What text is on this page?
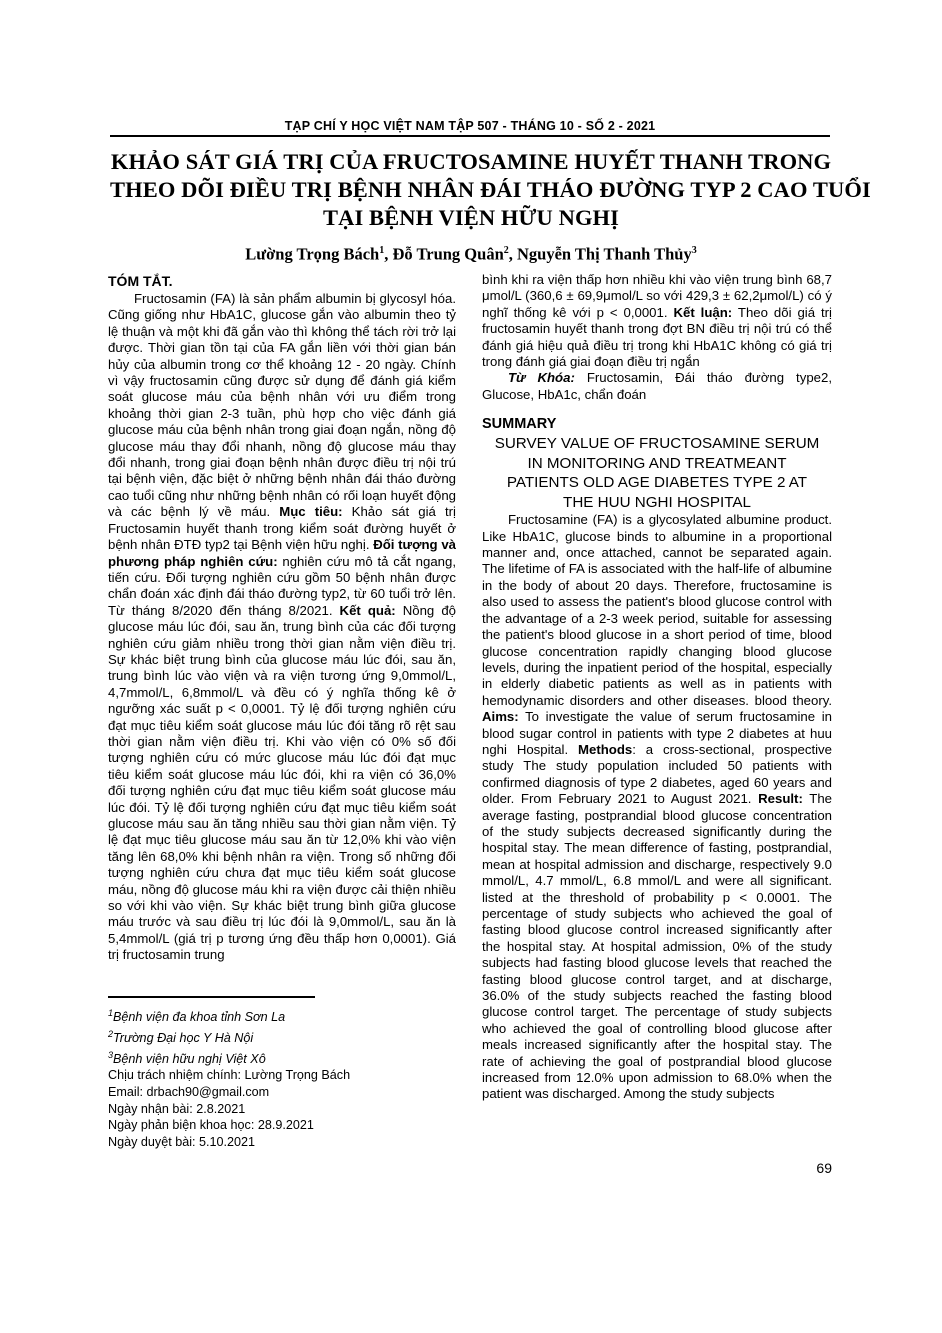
TẠP CHÍ Y HỌC VIỆT NAM TẬP 507 - THÁNG 10 - SỐ 2 - 2021
KHẢO SÁT GIÁ TRỊ CỦA FRUCTOSAMINE HUYẾT THANH TRONG
THEO DÕI ĐIỀU TRỊ BỆNH NHÂN ĐÁI THÁO ĐƯỜNG TYP 2 CAO TUỔI
TẠI BỆNH VIỆN HỮU NGHỊ
Lường Trọng Bách$^1$, Đỗ Trung Quân$^2$, Nguyễn Thị Thanh Thủy$^3$
TÓM TẮT.

Fructosamin (FA) là sản phẩm albumin bị glycosyl hóa. Cũng giống như HbA1C, glucose gắn vào albumin theo tỷ lệ thuận và một khi đã gắn vào thì không thể tách rời trở lại được. Thời gian tồn tại của FA gắn liền với thời gian bán hủy của albumin trong cơ thể khoảng 12 - 20 ngày. Chính vì vậy fructosamin cũng được sử dụng để đánh giá kiểm soát glucose máu của bệnh nhân với ưu điểm trong khoảng thời gian 2-3 tuần, phù hợp cho việc đánh giá glucose máu của bệnh nhân trong giai đoạn ngắn, nồng độ glucose máu thay đổi nhanh, nồng độ glucose máu thay đổi nhanh, trong giai đoạn bệnh nhân được điều trị nội trú tại bệnh viện, đặc biệt ở những bệnh nhân đái tháo đường cao tuổi cũng như những bệnh nhân có rối loạn huyết động và các bệnh lý về máu. Mục tiêu: Khảo sát giá trị Fructosamin huyết thanh trong kiểm soát đường huyết ở bệnh nhân ĐTĐ typ2 tại Bệnh viện hữu nghị. Đối tượng và phương pháp nghiên cứu: nghiên cứu mô tả cắt ngang, tiến cứu. Đối tượng nghiên cứu gồm 50 bệnh nhân được chẩn đoán xác định đái tháo đường typ2, từ 60 tuổi trở lên. Từ tháng 8/2020 đến tháng 8/2021. Kết quả: Nồng độ glucose máu lúc đói, sau ăn, trung bình của các đối tượng nghiên cứu giảm nhiều trong thời gian nằm viện điều trị. Sự khác biệt trung bình của glucose máu lúc đói, sau ăn, trung bình lúc vào viện và ra viện tương ứng 9,0mmol/L, 4,7mmol/L, 6,8mmol/L và đều có ý nghĩa thống kê ở ngưỡng xác suất p < 0,0001. Tỷ lệ đối tượng nghiên cứu đạt mục tiêu kiểm soát glucose máu lúc đói tăng rõ rệt sau thời gian nằm viện điều trị. Khi vào viện có 0% số đối tượng nghiên cứu có mức glucose máu lúc đói đạt mục tiêu kiểm soát glucose máu lúc đói, khi ra viện có 36,0% đối tượng nghiên cứu đạt mục tiêu kiểm soát glucose máu lúc đói. Tỷ lệ đối tượng nghiên cứu đạt mục tiêu kiểm soát glucose máu sau ăn tăng nhiều sau thời gian nằm viện. Tỷ lệ đạt mục tiêu glucose máu sau ăn từ 12,0% khi vào viện tăng lên 68,0% khi bệnh nhân ra viện. Trong số những đối tượng nghiên cứu chưa đạt mục tiêu kiểm soát glucose máu, nồng độ glucose máu khi ra viện được cải thiện nhiều so với khi vào viện. Sự khác biệt trung bình giữa glucose máu trước và sau điều trị lúc đói là 9,0mmol/L, sau ăn là 5,4mmol/L (giá trị p tương ứng đều thấp hơn 0,0001). Giá trị fructosamin trung

$^1$Bệnh viện đa khoa tỉnh Sơn La

$^2$Trường Đại học Y Hà Nội

$^3$Bệnh viện hữu nghị Việt Xô

Chịu trách nhiệm chính: Lường Trọng Bách

Email: drbach90@gmail.com

Ngày nhận bài: 2.8.2021

Ngày phản biện khoa học: 28.9.2021

Ngày duyệt bài: 5.10.2021

bình khi ra viện thấp hơn nhiều khi vào viện trung bình 68,7 μmol/L (360,6 ± 69,9μmol/L so với 429,3 ± 62,2μmol/L) có ý nghĩ thống kê với p < 0,0001. Kết luận: Theo dõi giá trị fructosamin huyết thanh trong đợt BN điều trị nội trú có thể đánh giá hiệu quả điều trị trong khi HbA1C không có giá trị trong đánh giá giai đoạn điều trị ngắn

Từ Khóa: Fructosamin, Đái tháo đường type2, Glucose, HbA1c, chẩn đoán

SUMMARY
SURVEY VALUE OF FRUCTOSAMINE SERUM
IN MONITORING AND TREATMEANT
PATIENTS OLD AGE DIABETES TYPE 2 AT
THE HUU NGHI HOSPITAL

Fructosamine (FA) is a glycosylated albumine product. Like HbA1C, glucose binds to albumine in a proportional manner and, once attached, cannot be separated again. The lifetime of FA is associated with the half-life of albumine in the body of about 20 days. Therefore, fructosamine is also used to assess the patient's blood glucose control with the advantage of a 2-3 week period, suitable for assessing the patient's blood glucose in a short period of time, blood glucose concentration rapidly changing blood glucose levels, during the inpatient period of the hospital, especially in elderly diabetic patients as well as in patients with hemodynamic disorders and other diseases. blood theory. Aims: To investigate the value of serum fructosamine in blood sugar control in patients with type 2 diabetes at huu nghi Hospital. Methods: a cross-sectional, prospective study The study population included 50 patients with confirmed diagnosis of type 2 diabetes, aged 60 years and older. From February 2021 to August 2021. Result: The average fasting, postprandial blood glucose concentration of the study subjects decreased significantly during the hospital stay. The mean difference of fasting, postprandial, mean at hospital admission and discharge, respectively 9.0 mmol/L, 4.7 mmol/L, 6.8 mmol/L and were all significant. listed at the threshold of probability p < 0.0001. The percentage of study subjects who achieved the goal of fasting blood glucose control increased significantly after the hospital stay. At hospital admission, 0% of the study subjects had fasting blood glucose levels that reached the fasting blood glucose control target, and at discharge, 36.0% of the study subjects reached the fasting blood glucose control target. The percentage of study subjects who achieved the goal of controlling blood glucose after meals increased significantly after the hospital stay. The rate of achieving the goal of postprandial blood glucose increased from 12.0% upon admission to 68.0% when the patient was discharged. Among the study subjects

69
